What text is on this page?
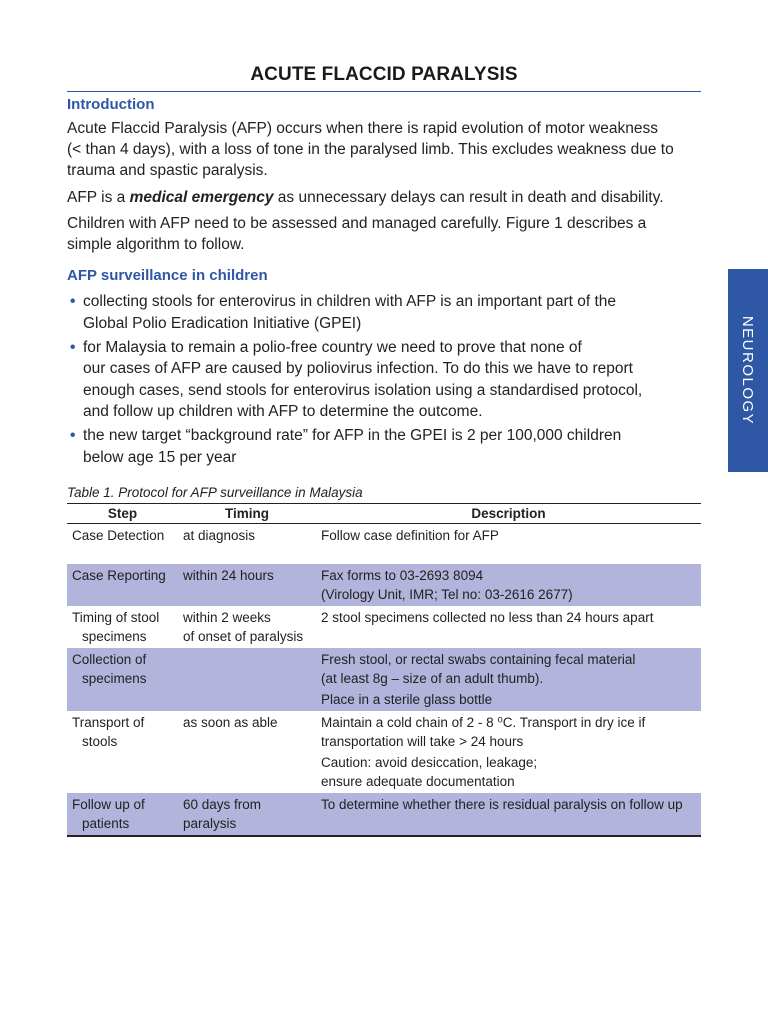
ACUTE FLACCID PARALYSIS
Introduction

Acute Flaccid Paralysis (AFP) occurs when there is rapid evolution of motor weakness
(< than 4 days), with a loss of tone in the paralysed limb. This excludes weakness due to
trauma and spastic paralysis.

AFP is a medical emergency as unnecessary delays can result in death and disability.

Children with AFP need to be assessed and managed carefully. Figure 1 describes a
simple algorithm to follow.

AFP surveillance in children
• collecting stools for enterovirus in children with AFP is an important part of the
Global Polio Eradication Initiative (GPEI)
• for Malaysia to remain a polio-free country we need to prove that none of
our cases of AFP are caused by poliovirus infection. To do this we have to report
enough cases, send stools for enterovirus isolation using a standardised protocol,
and follow up children with AFP to determine the outcome.
• the new target “background rate” for AFP in the GPEI is 2 per 100,000 children
below age 15 per year
NEUROLOGY

Table 1. Protocol for AFP surveillance in Malaysia

Step	Timing	Description

Case Detection	at diagnosis	Follow case definition for AFP

Case Reporting	within 24 hours	Fax forms to 03-2693 8094
(Virology Unit, IMR; Tel no: 03-2616 2677)

Timing of stool
specimens	within 2 weeks
of onset of paralysis	2 stool specimens collected no less than 24 hours apart

Collection of
specimens		Fresh stool, or rectal swabs containing fecal material
(at least 8g – size of an adult thumb).
Place in a sterile glass bottle

Transport of
stools	as soon as able	Maintain a cold chain of 2 - 8 ⁰C. Transport in dry ice if
transportation will take > 24 hours
Caution: avoid desiccation, leakage;
ensure adequate documentation

Follow up of
patients	60 days from
paralysis	To determine whether there is residual paralysis on follow up
